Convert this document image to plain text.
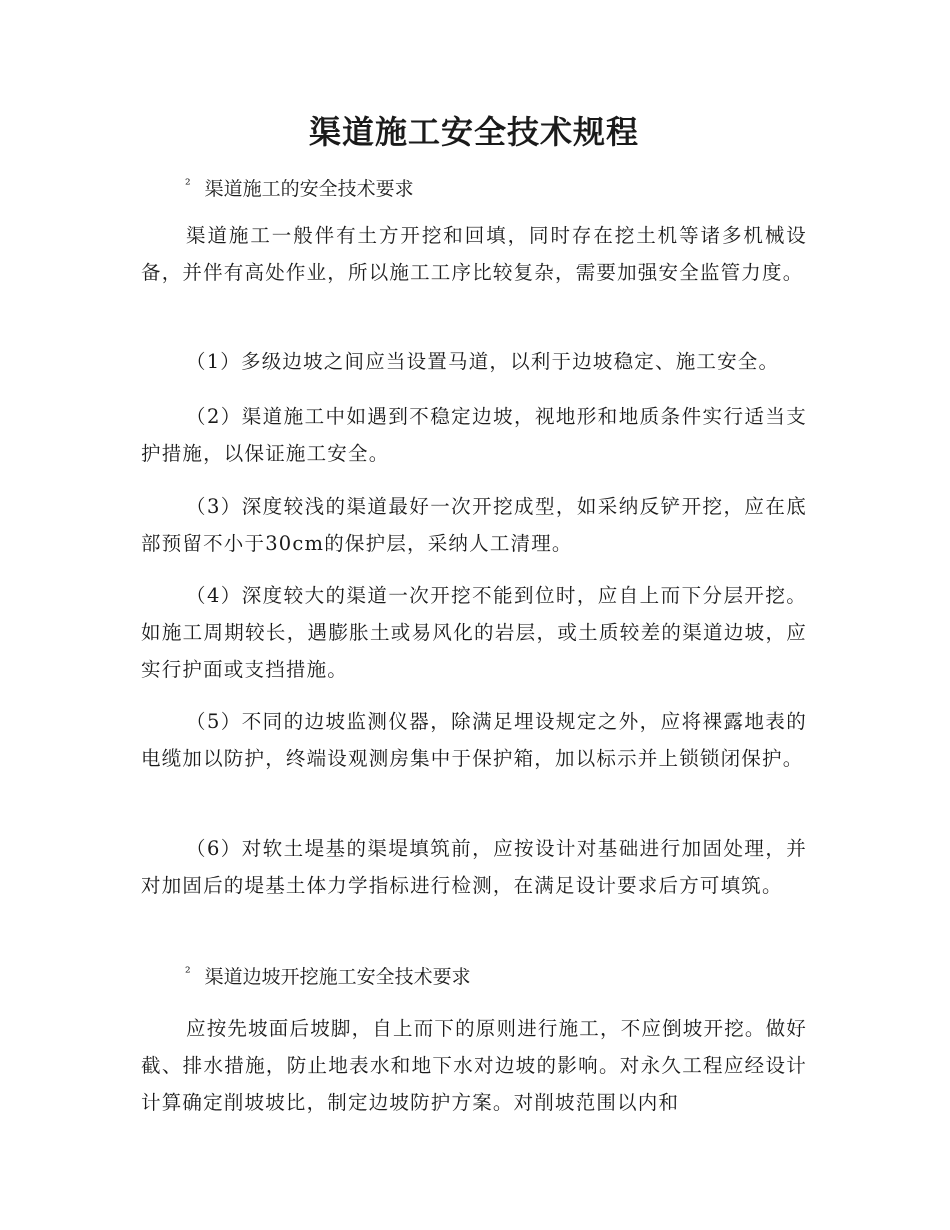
渠道施工安全技术规程

² 渠道施工的安全技术要求

渠道施工一般伴有土方开挖和回填，同时存在挖土机等诸多机械设备，并伴有高处作业，所以施工工序比较复杂，需要加强安全监管力度。

（1）多级边坡之间应当设置马道，以利于边坡稳定、施工安全。

（2）渠道施工中如遇到不稳定边坡，视地形和地质条件实行适当支护措施，以保证施工安全。

（3）深度较浅的渠道最好一次开挖成型，如采纳反铲开挖，应在底部预留不小于30cm的保护层，采纳人工清理。

（4）深度较大的渠道一次开挖不能到位时，应自上而下分层开挖。如施工周期较长，遇膨胀土或易风化的岩层，或土质较差的渠道边坡，应实行护面或支挡措施。

（5）不同的边坡监测仪器，除满足埋设规定之外，应将裸露地表的电缆加以防护，终端设观测房集中于保护箱，加以标示并上锁锁闭保护。

（6）对软土堤基的渠堤填筑前，应按设计对基础进行加固处理，并对加固后的堤基土体力学指标进行检测，在满足设计要求后方可填筑。

² 渠道边坡开挖施工安全技术要求

应按先坡面后坡脚，自上而下的原则进行施工，不应倒坡开挖。做好截、排水措施，防止地表水和地下水对边坡的影响。对永久工程应经设计计算确定削坡坡比，制定边坡防护方案。对削坡范围以内和
